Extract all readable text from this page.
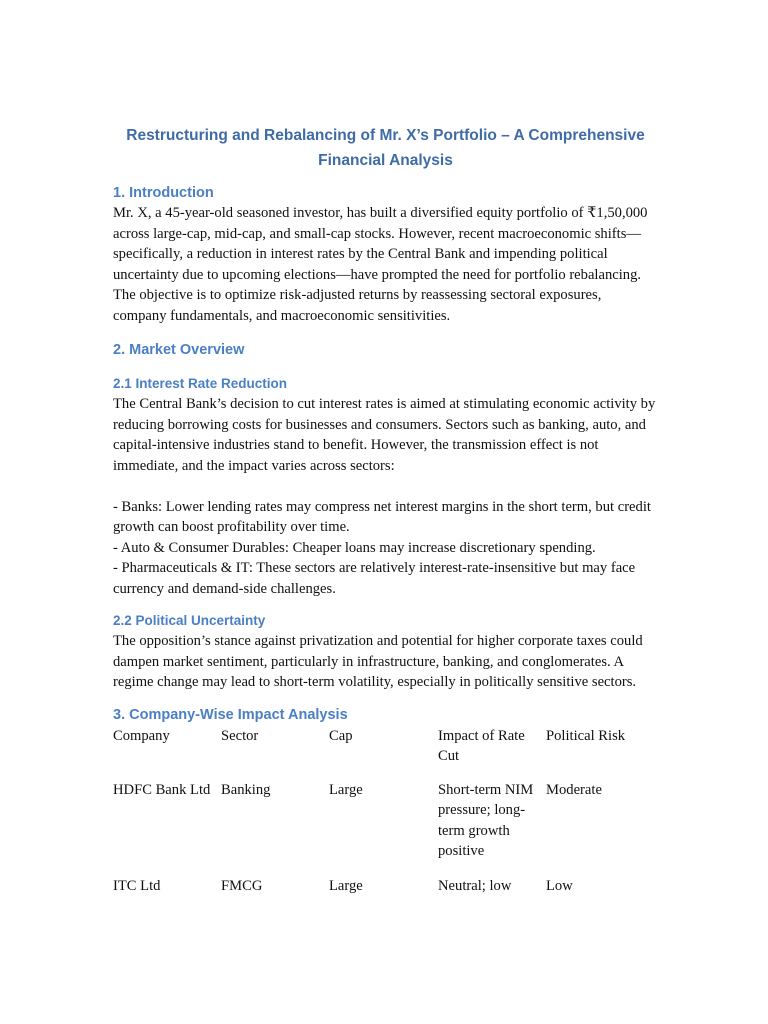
Restructuring and Rebalancing of Mr. X’s Portfolio – A Comprehensive Financial Analysis
1. Introduction

Mr. X, a 45-year-old seasoned investor, has built a diversified equity portfolio of ₹1,50,000 across large-cap, mid-cap, and small-cap stocks. However, recent macroeconomic shifts—specifically, a reduction in interest rates by the Central Bank and impending political uncertainty due to upcoming elections—have prompted the need for portfolio rebalancing. The objective is to optimize risk-adjusted returns by reassessing sectoral exposures, company fundamentals, and macroeconomic sensitivities.

2. Market Overview
2.1 Interest Rate Reduction

The Central Bank’s decision to cut interest rates is aimed at stimulating economic activity by reducing borrowing costs for businesses and consumers. Sectors such as banking, auto, and capital-intensive industries stand to benefit. However, the transmission effect is not immediate, and the impact varies across sectors:

- Banks: Lower lending rates may compress net interest margins in the short term, but credit growth can boost profitability over time.

- Auto & Consumer Durables: Cheaper loans may increase discretionary spending.

- Pharmaceuticals & IT: These sectors are relatively interest-rate-insensitive but may face currency and demand-side challenges.

2.2 Political Uncertainty

The opposition’s stance against privatization and potential for higher corporate taxes could dampen market sentiment, particularly in infrastructure, banking, and conglomerates. A regime change may lead to short-term volatility, especially in politically sensitive sectors.

3. Company-Wise Impact Analysis
Company	Sector	Cap	Impact of Rate Cut	Political Risk
HDFC Bank Ltd	Banking	Large	Short-term NIM pressure; long-term growth positive	Moderate
ITC Ltd	FMCG	Large	Neutral; low	Low
